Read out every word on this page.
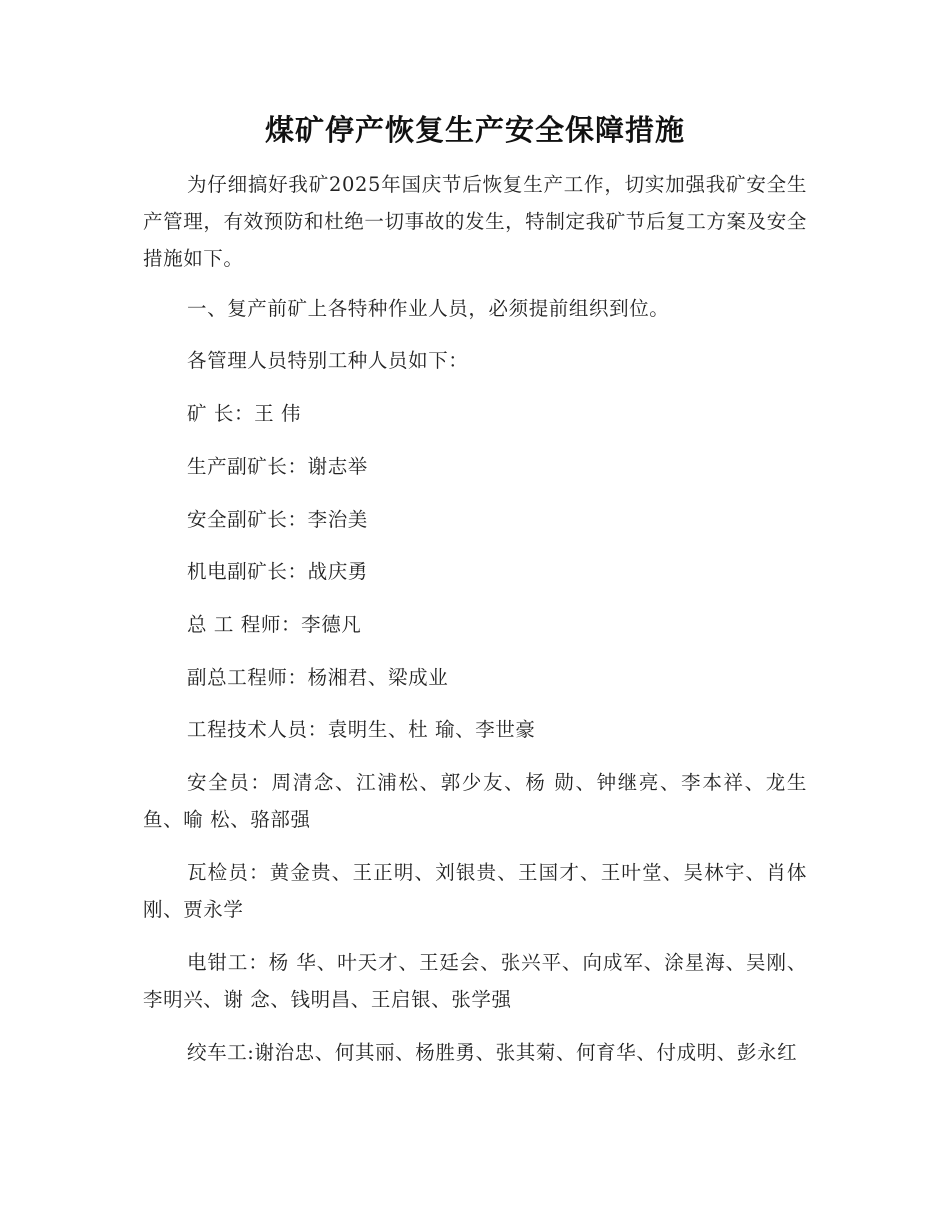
煤矿停产恢复生产安全保障措施

为仔细搞好我矿2025年国庆节后恢复生产工作，切实加强我矿安全生产管理，有效预防和杜绝一切事故的发生，特制定我矿节后复工方案及安全措施如下。

一、复产前矿上各特种作业人员，必须提前组织到位。

各管理人员特别工种人员如下：

矿 长：王 伟

生产副矿长：谢志举

安全副矿长：李治美

机电副矿长：战庆勇

总 工 程师：李德凡

副总工程师：杨湘君、梁成业

工程技术人员：袁明生、杜 瑜、李世豪

安全员：周清念、江浦松、郭少友、杨 勋、钟继亮、李本祥、龙生鱼、喻 松、骆部强

瓦检员：黄金贵、王正明、刘银贵、王国才、王叶堂、吴林宇、肖体刚、贾永学

电钳工：杨 华、叶天才、王廷会、张兴平、向成军、涂星海、吴刚、李明兴、谢 念、钱明昌、王启银、张学强

绞车工:谢治忠、何其丽、杨胜勇、张其菊、何育华、付成明、彭永红
